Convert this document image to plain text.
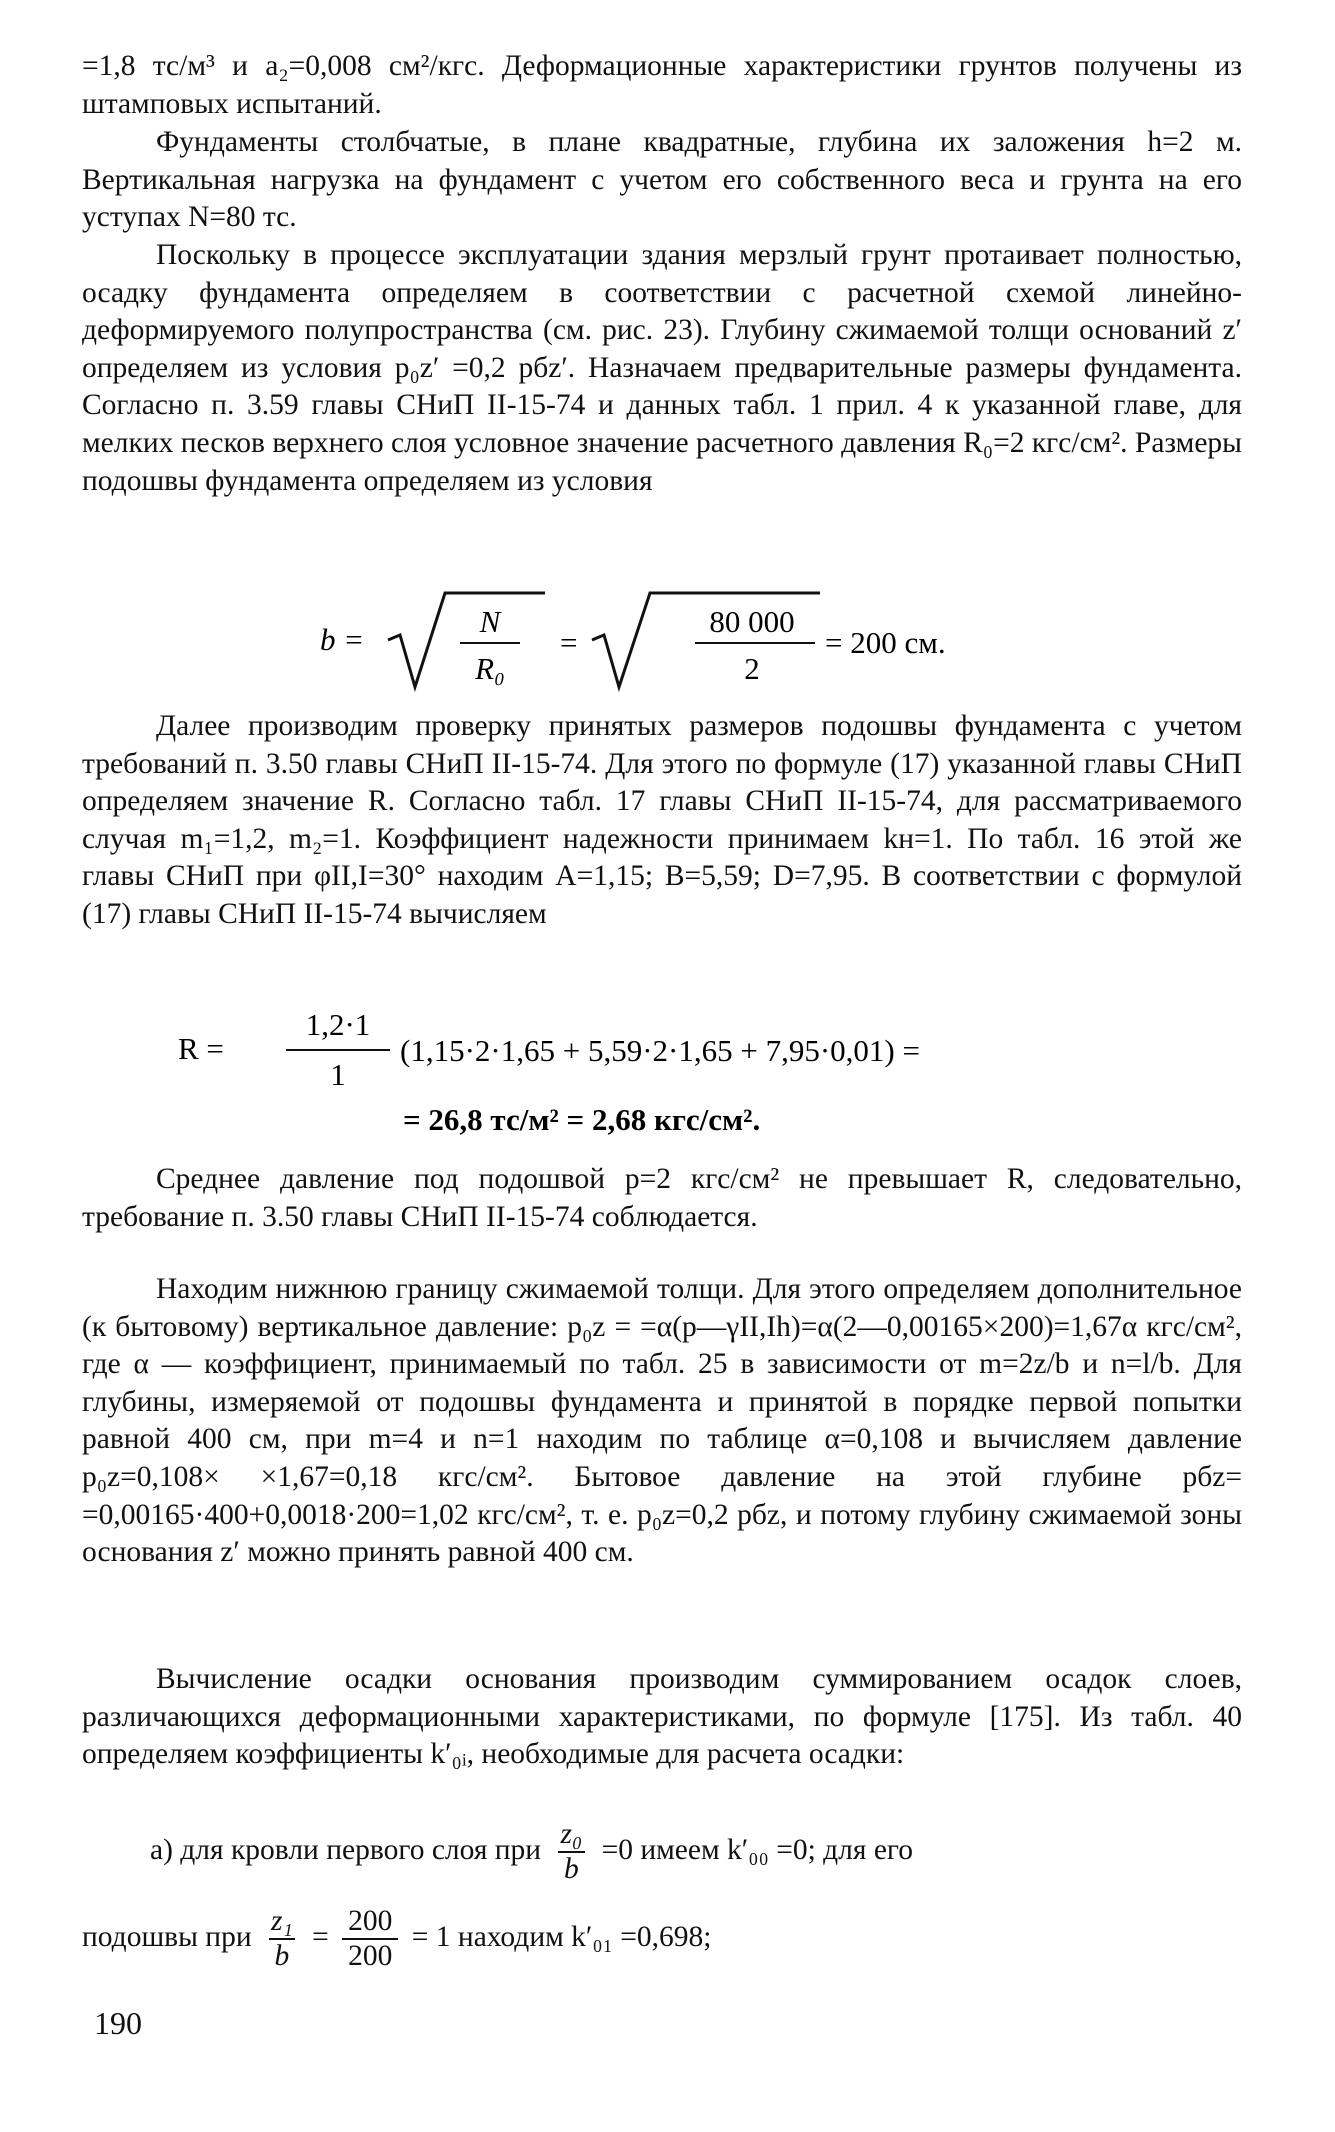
=1,8 тс/м³ и a₂=0,008 см²/кгс. Деформационные характеристики грунтов получены из штамповых испытаний.

Фундаменты столбчатые, в плане квадратные, глубина их заложения h=2 м. Вертикальная нагрузка на фундамент с учетом его собственного веса и грунта на его уступах N=80 тс.

Поскольку в процессе эксплуатации здания мерзлый грунт протаивает полностью, осадку фундамента определяем в соответствии с расчетной схемой линейно-деформируемого полупространства (см. рис. 23). Глубину сжимаемой толщи оснований z′ определяем из условия p₀z′ =0,2 pбz′. Назначаем предварительные размеры фундамента. Согласно п. 3.59 главы СНиП II-15-74 и данных табл. 1 прил. 4 к указанной главе, для мелких песков верхнего слоя условное значение расчетного давления R₀=2 кгс/см². Размеры подошвы фундамента определяем из условия

b =
N
R₀
=
80 000
2
= 200 см.

Далее производим проверку принятых размеров подошвы фундамента с учетом требований п. 3.50 главы СНиП II-15-74. Для этого по формуле (17) указанной главы СНиП определяем значение R. Согласно табл. 17 главы СНиП II-15-74, для рассматриваемого случая m₁=1,2, m₂=1. Коэффициент надежности принимаем kн=1. По табл. 16 этой же главы СНиП при φII,I=30° находим A=1,15; B=5,59; D=7,95. В соответствии с формулой (17) главы СНиП II-15-74 вычисляем

R =
1,2·1
1
(1,15·2·1,65 + 5,59·2·1,65 + 7,95·0,01) =
= 26,8 тс/м² = 2,68 кгс/см².

Среднее давление под подошвой p=2 кгс/см² не превышает R, следовательно, требование п. 3.50 главы СНиП II-15-74 соблюдается.

Находим нижнюю границу сжимаемой толщи. Для этого определяем дополнительное (к бытовому) вертикальное давление: p₀z = =α(p—γII,Ih)=α(2—0,00165×200)=1,67α кгс/см², где α — коэффициент, принимаемый по табл. 25 в зависимости от m=2z/b и n=l/b. Для глубины, измеряемой от подошвы фундамента и принятой в порядке первой попытки равной 400 см, при m=4 и n=1 находим по таблице α=0,108 и вычисляем давление p₀z=0,108× ×1,67=0,18 кгс/см². Бытовое давление на этой глубине pбz= =0,00165·400+0,0018·200=1,02 кгс/см², т. е. p₀z=0,2 pбz, и потому глубину сжимаемой зоны основания z′ можно принять равной 400 см.

Вычисление осадки основания производим суммированием осадок слоев, различающихся деформационными характеристиками, по формуле [175]. Из табл. 40 определяем коэффициенты k′₀ᵢ, необходимые для расчета осадки:

а) для кровли первого слоя при $\frac{\text{z₀}}{b} =0$ имеем k′₀₀ =0; для его
подошвы при $\frac{\text{z₁}}{b} = \frac{200}{200} = 1$ находим k′₀₁ =0,698;
190
